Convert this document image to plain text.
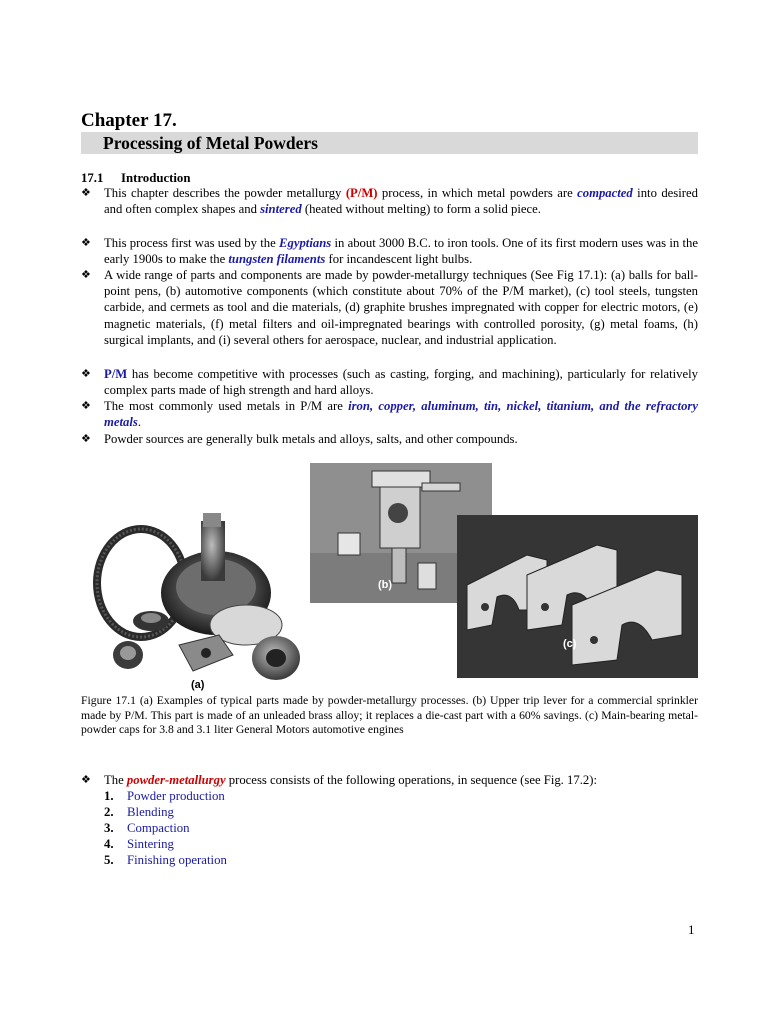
Chapter 17.
Processing of Metal Powders
17.1 Introduction
❖ This chapter describes the powder metallurgy (P/M) process, in which metal powders are compacted into desired and often complex shapes and sintered (heated without melting) to form a solid piece.
❖ This process first was used by the Egyptians in about 3000 B.C. to iron tools. One of its first modern uses was in the early 1900s to make the tungsten filaments for incandescent light bulbs.
❖ A wide range of parts and components are made by powder-metallurgy techniques (See Fig 17.1): (a) balls for ball-point pens, (b) automotive components (which constitute about 70% of the P/M market), (c) tool steels, tungsten carbide, and cermets as tool and die materials, (d) graphite brushes impregnated with copper for electric motors, (e) magnetic materials, (f) metal filters and oil-impregnated bearings with controlled porosity, (g) metal foams, (h) surgical implants, and (i) several others for aerospace, nuclear, and industrial application.
❖ P/M has become competitive with processes (such as casting, forging, and machining), particularly for relatively complex parts made of high strength and hard alloys.
❖ The most commonly used metals in P/M are iron, copper, aluminum, tin, nickel, titanium, and the refractory metals.
❖ Powder sources are generally bulk metals and alloys, salts, and other compounds.
(a)
(b)
(c)
Figure 17.1 (a) Examples of typical parts made by powder-metallurgy processes. (b) Upper trip lever for a commercial sprinkler made by P/M. This part is made of an unleaded brass alloy; it replaces a die-cast part with a 60% savings. (c) Main-bearing metal-powder caps for 3.8 and 3.1 liter General Motors automotive engines
❖ The powder-metallurgy process consists of the following operations, in sequence (see Fig. 17.2):
1. Powder production
2. Blending
3. Compaction
4. Sintering
5. Finishing operation
1
